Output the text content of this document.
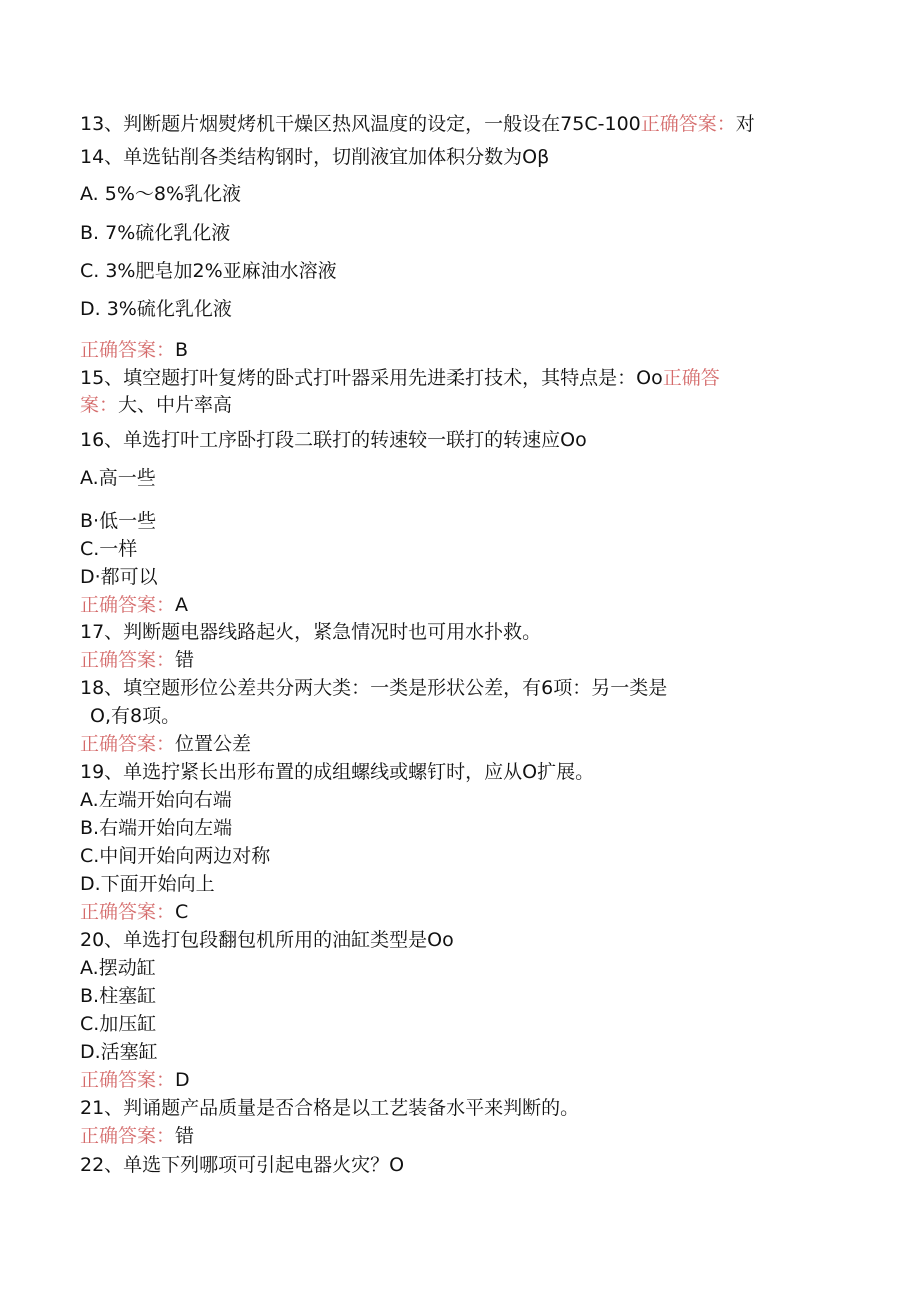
13、判断题片烟熨烤机干燥区热风温度的设定，一般设在75C-100正确答案：对
14、单选钻削各类结构钢时，切削液宜加体积分数为Oβ
A. 5%～8%乳化液
B. 7%硫化乳化液
C. 3%肥皂加2%亚麻油水溶液
D. 3%硫化乳化液
正确答案：B
15、填空题打叶复烤的卧式打叶器采用先进柔打技术，其特点是：Oo正确答
案：大、中片率高
16、单选打叶工序卧打段二联打的转速较一联打的转速应Oo
A.高一些
B·低一些
C.一样
D·都可以
正确答案：A
17、判断题电器线路起火，紧急情况时也可用水扑救。
正确答案：错
18、填空题形位公差共分两大类：一类是形状公差，有6项：另一类是
O,有8项。
正确答案：位置公差
19、单选拧紧长出形布置的成组螺线或螺钉时，应从O扩展。
A.左端开始向右端
B.右端开始向左端
C.中间开始向两边对称
D.下面开始向上
正确答案：C
20、单选打包段翻包机所用的油缸类型是Oo
A.摆动缸
B.柱塞缸
C.加压缸
D.活塞缸
正确答案：D
21、判诵题产品质量是否合格是以工艺装备水平来判断的。
正确答案：错
22、单选下列哪项可引起电器火灾？O
